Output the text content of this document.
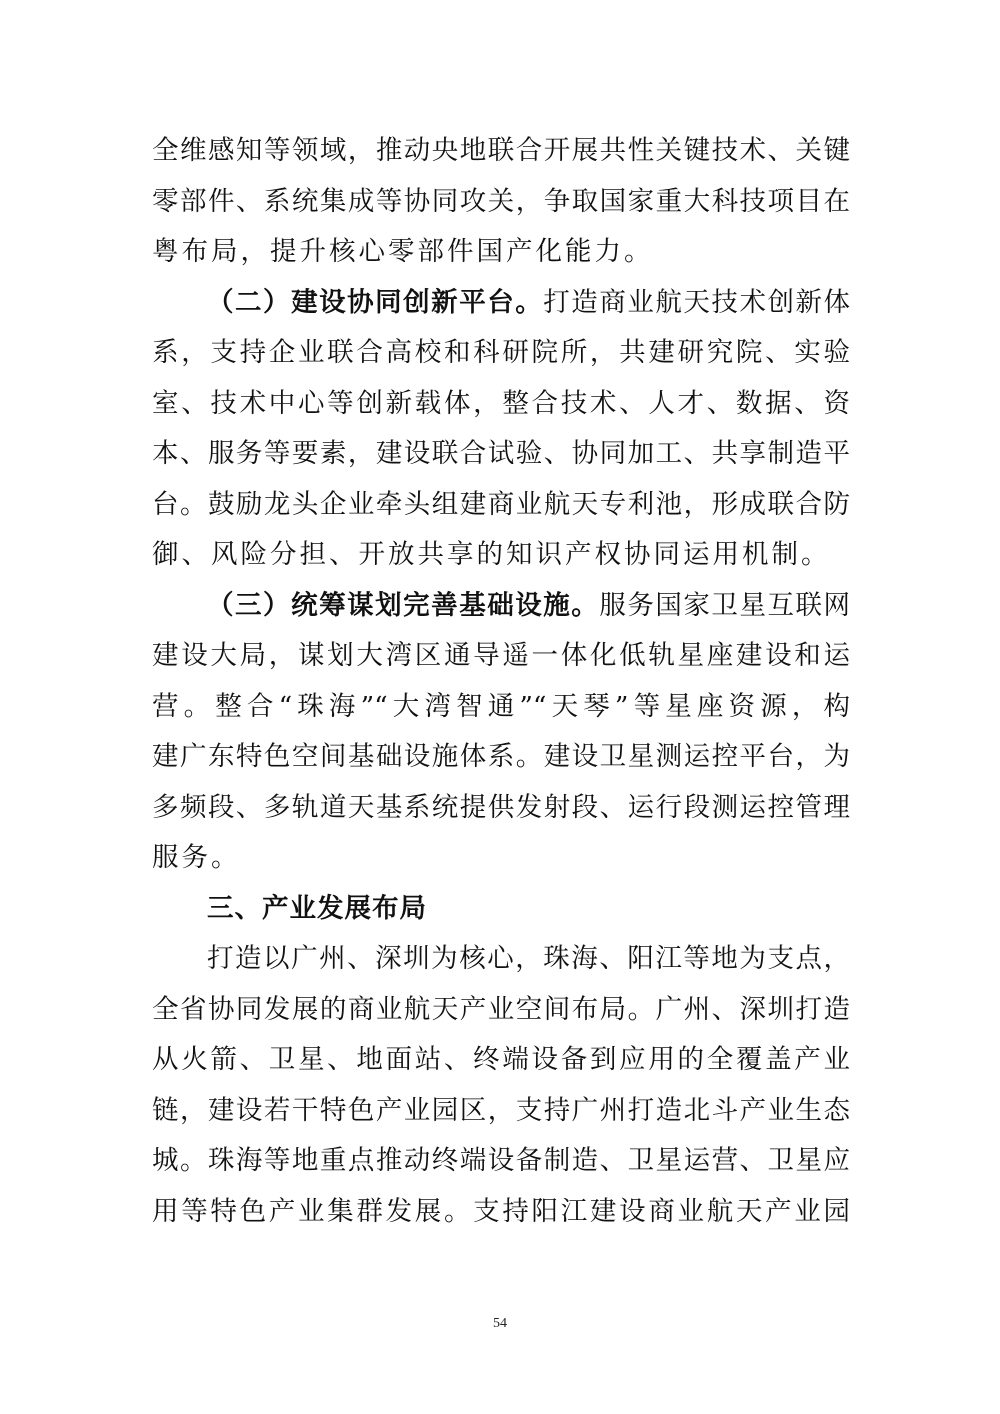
全维感知等领域，推动央地联合开展共性关键技术、关键
零部件、系统集成等协同攻关，争取国家重大科技项目在
粤布局，提升核心零部件国产化能力。
（二）建设协同创新平台。打造商业航天技术创新体
系，支持企业联合高校和科研院所，共建研究院、实验
室、技术中心等创新载体，整合技术、人才、数据、资
本、服务等要素，建设联合试验、协同加工、共享制造平
台。鼓励龙头企业牵头组建商业航天专利池，形成联合防
御、风险分担、开放共享的知识产权协同运用机制。
（三）统筹谋划完善基础设施。服务国家卫星互联网
建设大局，谋划大湾区通导遥一体化低轨星座建设和运
营。整合“珠海”“大湾智通”“天琴”等星座资源，构
建广东特色空间基础设施体系。建设卫星测运控平台，为
多频段、多轨道天基系统提供发射段、运行段测运控管理
服务。
三、产业发展布局
打造以广州、深圳为核心，珠海、阳江等地为支点，
全省协同发展的商业航天产业空间布局。广州、深圳打造
从火箭、卫星、地面站、终端设备到应用的全覆盖产业
链，建设若干特色产业园区，支持广州打造北斗产业生态
城。珠海等地重点推动终端设备制造、卫星运营、卫星应
用等特色产业集群发展。支持阳江建设商业航天产业园
54
